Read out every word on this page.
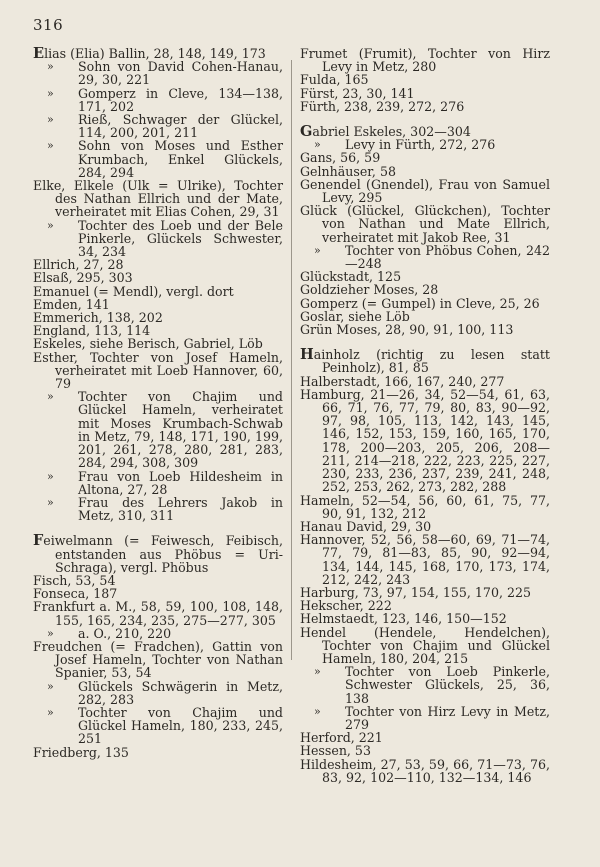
316
Elias (Elia) Ballin, 28, 148, 149, 173
» Sohn von David Cohen-Hanau, 29, 30, 221
» Gomperz in Cleve, 134—138, 171, 202
» Rieß, Schwager der Glückel, 114, 200, 201, 211
» Sohn von Moses und Esther Krumbach, Enkel Glückels, 284, 294
Elke, Elkele (Ulk = Ulrike), Tochter des Nathan Ellrich und der Mate, verheiratet mit Elias Cohen, 29, 31
» Tochter des Loeb und der Bele Pinkerle, Glückels Schwester, 34, 234
Ellrich, 27, 28
Elsaß, 295, 303
Emanuel (= Mendl), vergl. dort
Emden, 141
Emmerich, 138, 202
England, 113, 114
Eskeles, siehe Berisch, Gabriel, Löb
Esther, Tochter von Josef Hameln, verheiratet mit Loeb Hannover, 60, 79
» Tochter von Chajim und Glückel Hameln, verheiratet mit Moses Krumbach-Schwab in Metz, 79, 148, 171, 190, 199, 201, 261, 278, 280, 281, 283, 284, 294, 308, 309
» Frau von Loeb Hildesheim in Altona, 27, 28
» Frau des Lehrers Jakob in Metz, 310, 311
Feiwelmann (= Feiwesch, Feibisch, entstanden aus Phöbus = Uri-Schraga), vergl. Phöbus
Fisch, 53, 54
Fonseca, 187
Frankfurt a. M., 58, 59, 100, 108, 148, 155, 165, 234, 235, 275—277, 305
» a. O., 210, 220
Freudchen (= Fradchen), Gattin von Josef Hameln, Tochter von Nathan Spanier, 53, 54
» Glückels Schwägerin in Metz, 282, 283
» Tochter von Chajim und Glückel Hameln, 180, 233, 245, 251
Friedberg, 135
Frumet (Frumit), Tochter von Hirz Levy in Metz, 280
Fulda, 165
Fürst, 23, 30, 141
Fürth, 238, 239, 272, 276
Gabriel Eskeles, 302—304
» Levy in Fürth, 272, 276
Gans, 56, 59
Gelnhäuser, 58
Genendel (Gnendel), Frau von Samuel Levy, 295
Glück (Glückel, Glückchen), Tochter von Nathan und Mate Ellrich, verheiratet mit Jakob Ree, 31
» Tochter von Phöbus Cohen, 242—248
Glückstadt, 125
Goldzieher Moses, 28
Gomperz (= Gumpel) in Cleve, 25, 26
Goslar, siehe Löb
Grün Moses, 28, 90, 91, 100, 113
Hainholz (richtig zu lesen statt Peinholz), 81, 85
Halberstadt, 166, 167, 240, 277
Hamburg, 21—26, 34, 52—54, 61, 63, 66, 71, 76, 77, 79, 80, 83, 90—92, 97, 98, 105, 113, 142, 143, 145, 146, 152, 153, 159, 160, 165, 170, 178, 200—203, 205, 206, 208—211, 214—218, 222, 223, 225, 227, 230, 233, 236, 237, 239, 241, 248, 252, 253, 262, 273, 282, 288
Hameln, 52—54, 56, 60, 61, 75, 77, 90, 91, 132, 212
Hanau David, 29, 30
Hannover, 52, 56, 58—60, 69, 71—74, 77, 79, 81—83, 85, 90, 92—94, 134, 144, 145, 168, 170, 173, 174, 212, 242, 243
Harburg, 73, 97, 154, 155, 170, 225
Hekscher, 222
Helmstaedt, 123, 146, 150—152
Hendel (Hendele, Hendelchen), Tochter von Chajim und Glückel Hameln, 180, 204, 215
» Tochter von Loeb Pinkerle, Schwester Glückels, 25, 36, 138
» Tochter von Hirz Levy in Metz, 279
Herford, 221
Hessen, 53
Hildesheim, 27, 53, 59, 66, 71—73, 76, 83, 92, 102—110, 132—134, 146
